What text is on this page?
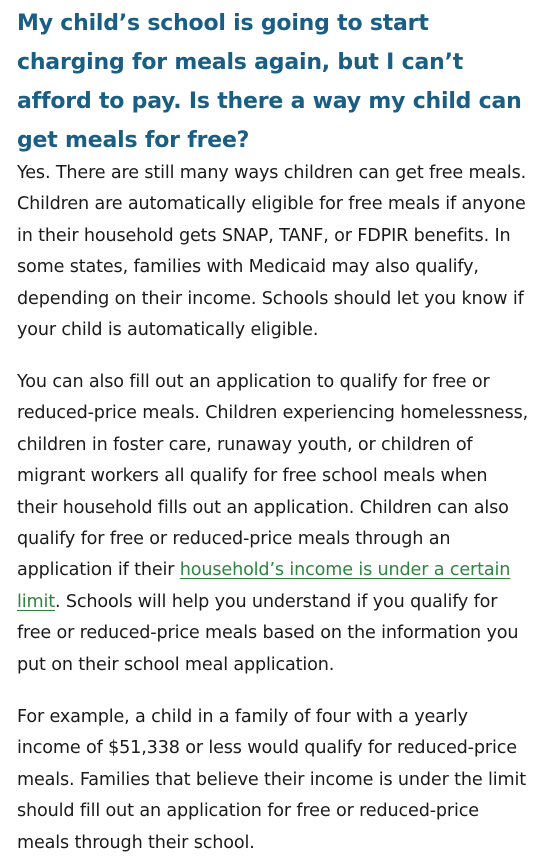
My child’s school is going to start charging for meals again, but I can’t afford to pay. Is there a way my child can get meals for free?

Yes. There are still many ways children can get free meals. Children are automatically eligible for free meals if anyone in their household gets SNAP, TANF, or FDPIR benefits. In some states, families with Medicaid may also qualify, depending on their income. Schools should let you know if your child is automatically eligible.

You can also fill out an application to qualify for free or reduced-price meals. Children experiencing homelessness, children in foster care, runaway youth, or children of migrant workers all qualify for free school meals when their household fills out an application. Children can also qualify for free or reduced-price meals through an application if their household’s income is under a certain limit. Schools will help you understand if you qualify for free or reduced-price meals based on the information you put on their school meal application.

For example, a child in a family of four with a yearly income of $51,338 or less would qualify for reduced-price meals. Families that believe their income is under the limit should fill out an application for free or reduced-price meals through their school.
